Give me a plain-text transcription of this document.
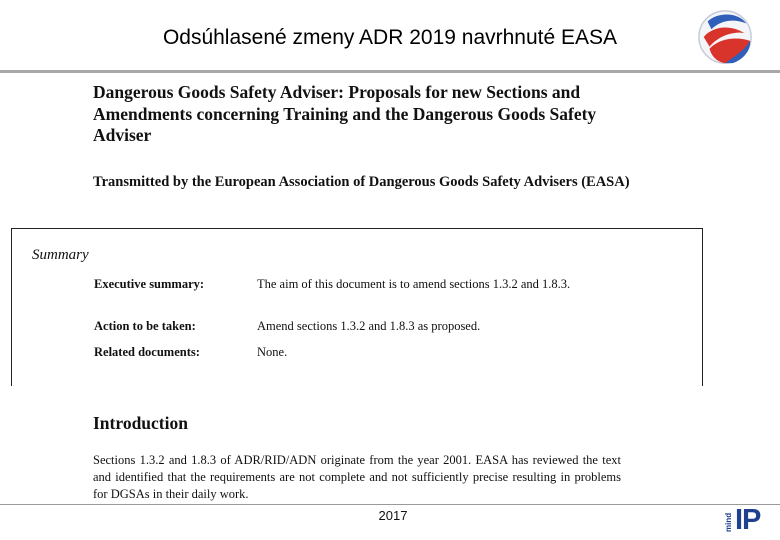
Odsúhlasené zmeny ADR 2019 navrhnuté EASA
Dangerous Goods Safety Adviser: Proposals for new Sections and Amendments concerning Training and the Dangerous Goods Safety Adviser
Transmitted by the European Association of Dangerous Goods Safety Advisers (EASA)
Summary
Executive summary:	The aim of this document is to amend sections 1.3.2 and 1.8.3.
Action to be taken:	Amend sections 1.3.2 and 1.8.3 as proposed.
Related documents:	None.
Introduction
Sections 1.3.2 and 1.8.3 of ADR/RID/ADN originate from the year 2001. EASA has reviewed the text and identified that the requirements are not complete and not sufficiently precise resulting in problems for DGSAs in their daily work.
2017	mind IP
